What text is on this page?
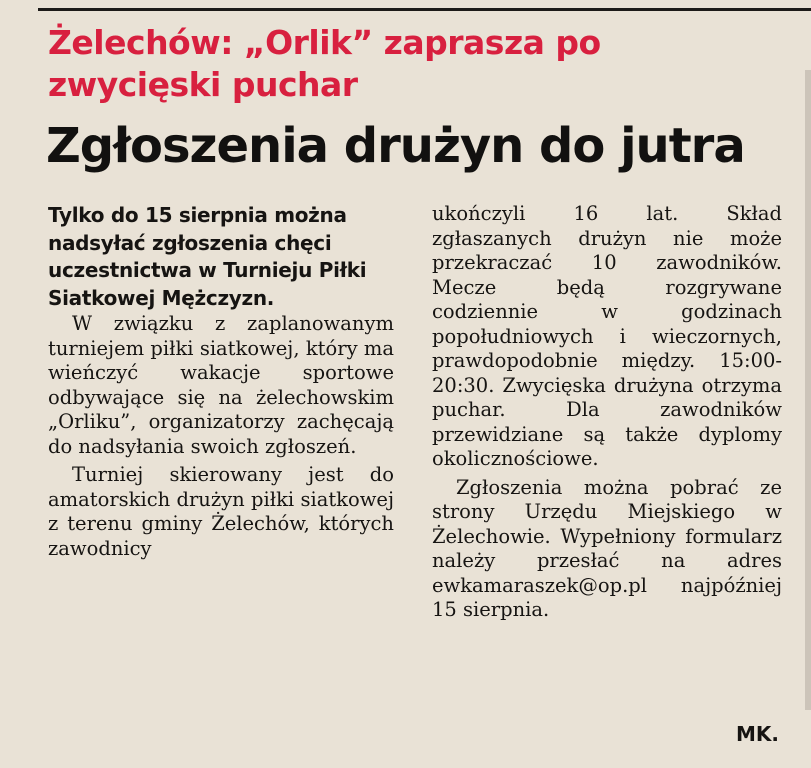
Żelechów: „Orlik” zaprasza po zwycięski puchar
Zgłoszenia drużyn do jutra

Tylko do 15 sierpnia można nadsyłać zgłoszenia chęci uczestnictwa w Turnieju Piłki Siatkowej Mężczyzn.

W związku z zaplanowanym turniejem piłki siatkowej, który ma wieńczyć wakacje sportowe odbywające się na żelechowskim „Orliku”, organizatorzy zachęcają do nadsyłania swoich zgłoszeń.

Turniej skierowany jest do amatorskich drużyn piłki siatkowej z terenu gminy Żelechów, których zawodnicy

ukończyli 16 lat. Skład zgłaszanych drużyn nie może przekraczać 10 zawodników. Mecze będą rozgrywane codziennie w godzinach popołudniowych i wieczornych, prawdopodobnie między. 15:00-20:30. Zwycięska drużyna otrzyma puchar. Dla zawodników przewidziane są także dyplomy okolicznościowe.

Zgłoszenia można pobrać ze strony Urzędu Miejskiego w Żelechowie. Wypełniony formularz należy przesłać na adres ewkamaraszek@op.pl najpóźniej 15 sierpnia.

MK.
